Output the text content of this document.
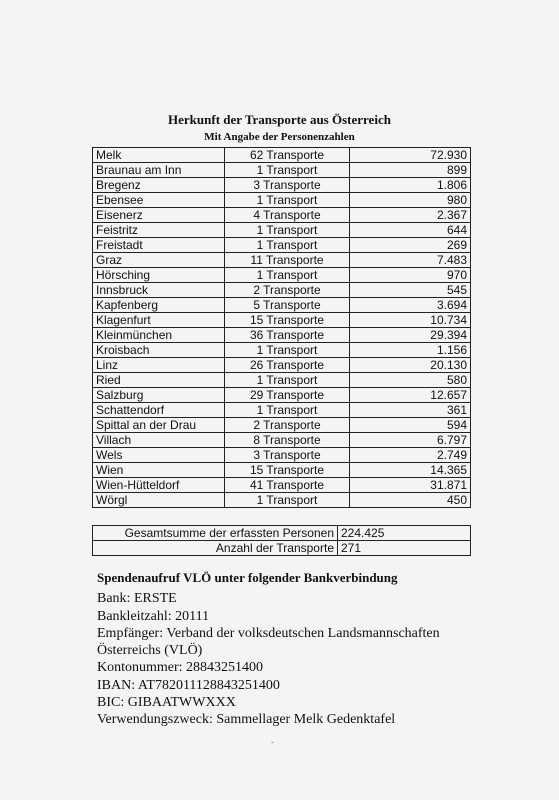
Herkunft der Transporte aus Österreich
Mit Angabe der Personenzahlen
Melk	62 Transporte	72.930
Braunau am Inn	1 Transport	899
Bregenz	3 Transporte	1.806
Ebensee	1 Transport	980
Eisenerz	4 Transporte	2.367
Feistritz	1 Transport	644
Freistadt	1 Transport	269
Graz	11 Transporte	7.483
Hörsching	1 Transport	970
Innsbruck	2 Transporte	545
Kapfenberg	5 Transporte	3.694
Klagenfurt	15 Transporte	10.734
Kleinmünchen	36 Transporte	29.394
Kroisbach	1 Transport	1.156
Linz	26 Transporte	20.130
Ried	1 Transport	580
Salzburg	29 Transporte	12.657
Schattendorf	1 Transport	361
Spittal an der Drau	2 Transporte	594
Villach	8 Transporte	6.797
Wels	3 Transporte	2.749
Wien	15 Transporte	14.365
Wien-Hütteldorf	41 Transporte	31.871
Wörgl	1 Transport	450
Gesamtsumme der erfassten Personen	224.425
Anzahl der Transporte	271
Spendenaufruf VLÖ unter folgender Bankverbindung
Bank: ERSTE
Bankleitzahl: 20111
Empfänger: Verband der volksdeutschen Landsmannschaften
Österreichs (VLÖ)
Kontonummer: 28843251400
IBAN: AT782011128843251400
BIC: GIBAATWWXXX
Verwendungszweck: Sammellager Melk Gedenktafel
-
